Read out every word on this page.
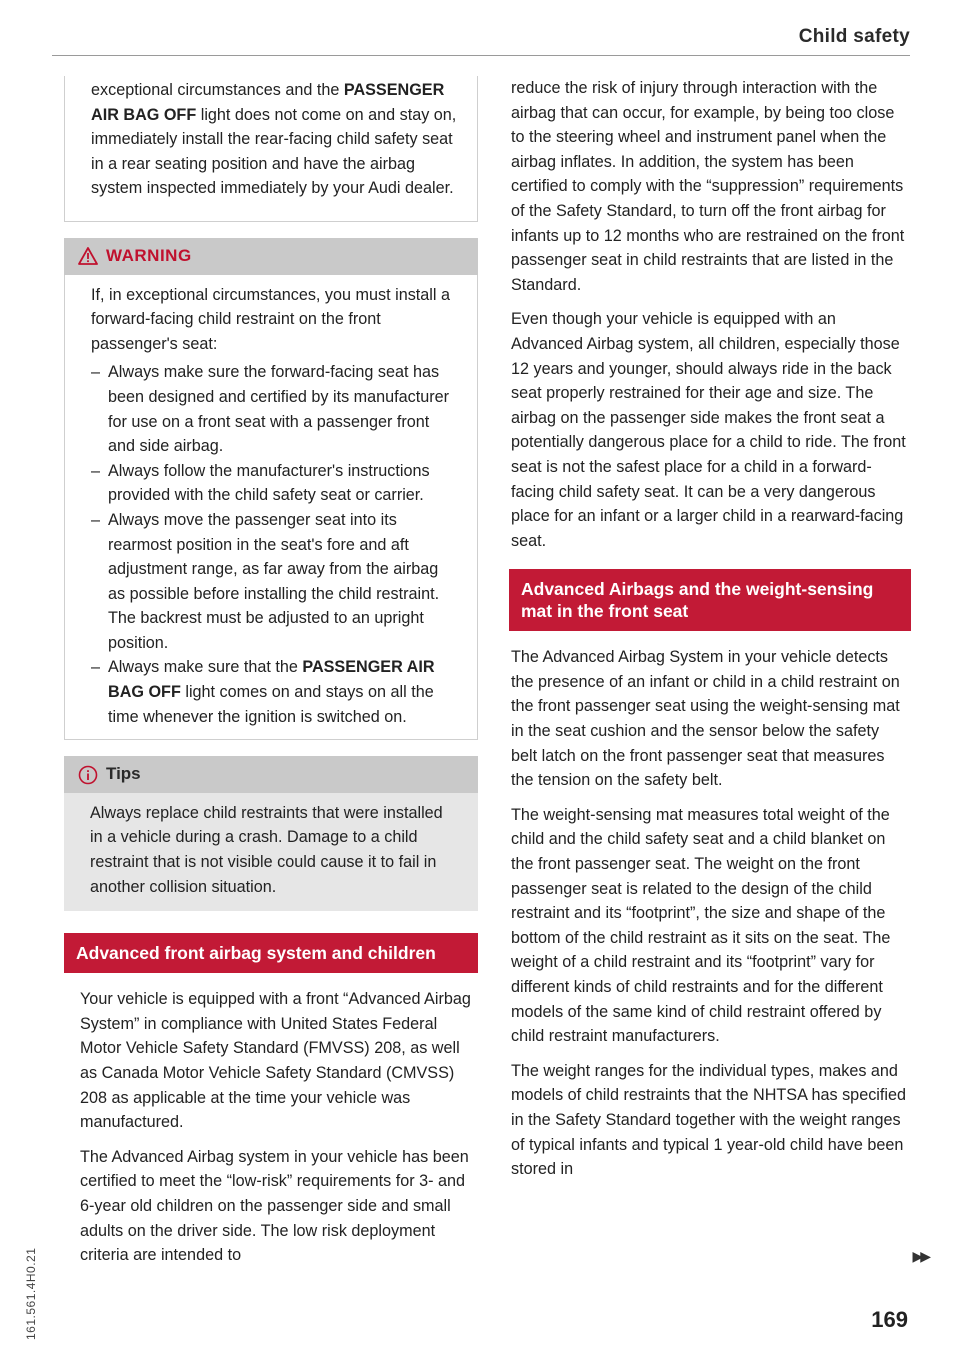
Child safety

exceptional circumstances and the PASSENGER AIR BAG OFF light does not come on and stay on, immediately install the rear-facing child safety seat in a rear seating position and have the airbag system inspected immediately by your Audi dealer.

WARNING

If, in exceptional circumstances, you must install a forward-facing child restraint on the front passenger's seat:

– Always make sure the forward-facing seat has been designed and certified by its manufacturer for use on a front seat with a passenger front and side airbag.
– Always follow the manufacturer's instructions provided with the child safety seat or carrier.
– Always move the passenger seat into its rearmost position in the seat's fore and aft adjustment range, as far away from the airbag as possible before installing the child restraint. The backrest must be adjusted to an upright position.
– Always make sure that the PASSENGER AIR BAG OFF light comes on and stays on all the time whenever the ignition is switched on.
Tips

Always replace child restraints that were installed in a vehicle during a crash. Damage to a child restraint that is not visible could cause it to fail in another collision situation.

Advanced front airbag system and children

Your vehicle is equipped with a front “Advanced Airbag System” in compliance with United States Federal Motor Vehicle Safety Standard (FMVSS) 208, as well as Canada Motor Vehicle Safety Standard (CMVSS) 208 as applicable at the time your vehicle was manufactured.

The Advanced Airbag system in your vehicle has been certified to meet the “low-risk” requirements for 3- and 6-year old children on the passenger side and small adults on the driver side. The low risk deployment criteria are intended to

reduce the risk of injury through interaction with the airbag that can occur, for example, by being too close to the steering wheel and instrument panel when the airbag inflates. In addition, the system has been certified to comply with the “suppression” requirements of the Safety Standard, to turn off the front airbag for infants up to 12 months who are restrained on the front passenger seat in child restraints that are listed in the Standard.

Even though your vehicle is equipped with an Advanced Airbag system, all children, especially those 12 years and younger, should always ride in the back seat properly restrained for their age and size. The airbag on the passenger side makes the front seat a potentially dangerous place for a child to ride. The front seat is not the safest place for a child in a forward-facing child safety seat. It can be a very dangerous place for an infant or a larger child in a rearward-facing seat.

Advanced Airbags and the weight-sensing mat in the front seat

The Advanced Airbag System in your vehicle detects the presence of an infant or child in a child restraint on the front passenger seat using the weight-sensing mat in the seat cushion and the sensor below the safety belt latch on the front passenger seat that measures the tension on the safety belt.

The weight-sensing mat measures total weight of the child and the child safety seat and a child blanket on the front passenger seat. The weight on the front passenger seat is related to the design of the child restraint and its “footprint”, the size and shape of the bottom of the child restraint as it sits on the seat. The weight of a child restraint and its “footprint” vary for different kinds of child restraints and for the different models of the same kind of child restraint offered by child restraint manufacturers.

The weight ranges for the individual types, makes and models of child restraints that the NHTSA has specified in the Safety Standard together with the weight ranges of typical infants and typical 1 year-old child have been stored in

▶▶
169
161.561.4H0.21
